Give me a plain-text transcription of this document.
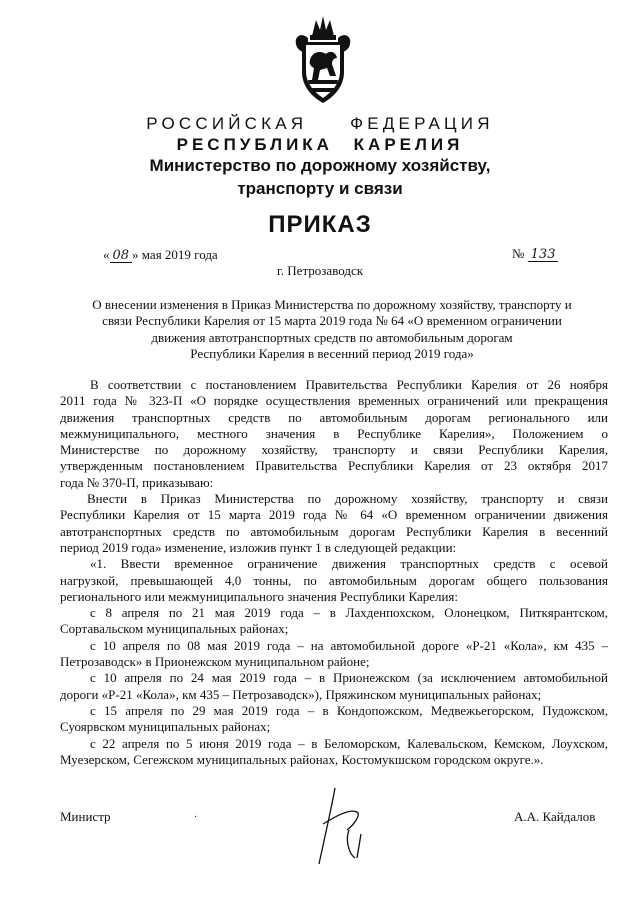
РОССИЙСКАЯ ФЕДЕРАЦИЯ
РЕСПУБЛИКА КАРЕЛИЯ
Министерство по дорожному хозяйству,
транспорту и связи
ПРИКАЗ
« 08 » мая 2019 года	№ 133
г. Петрозаводск
О внесении изменения в Приказ Министерства по дорожному хозяйству, транспорту и
связи Республики Карелия от 15 марта 2019 года № 64 «О временном ограничении
движения автотранспортных средств по автомобильным дорогам
Республики Карелия в весенний период 2019 года»
В соответствии с постановлением Правительства Республики Карелия от 26 ноября
2011 года № 323-П «О порядке осуществления временных ограничений или прекращения
движения транспортных средств по автомобильным дорогам регионального или
межмуниципального, местного значения в Республике Карелия», Положением о
Министерстве по дорожному хозяйству, транспорту и связи Республики Карелия,
утвержденным постановлением Правительства Республики Карелия от 23 октября 2017
года № 370-П, приказываю:
Внести в Приказ Министерства по дорожному хозяйству, транспорту и связи
Республики Карелия от 15 марта 2019 года № 64 «О временном ограничении движения
автотранспортных средств по автомобильным дорогам Республики Карелия в весенний
период 2019 года» изменение, изложив пункт 1 в следующей редакции:
«1. Ввести временное ограничение движения транспортных средств с осевой
нагрузкой, превышающей 4,0 тонны, по автомобильным дорогам общего пользования
регионального или межмуниципального значения Республики Карелия:
с 8 апреля по 21 мая 2019 года – в Лахденпохском, Олонецком, Питкярантском,
Сортавальском муниципальных районах;
с 10 апреля по 08 мая 2019 года – на автомобильной дороге «Р-21 «Кола», км 435 –
Петрозаводск» в Прионежском муниципальном районе;
с 10 апреля по 24 мая 2019 года – в Прионежском (за исключением автомобильной
дороги «Р-21 «Кола», км 435 – Петрозаводск»), Пряжинском муниципальных районах;
с 15 апреля по 29 мая 2019 года – в Кондопожском, Медвежьегорском, Пудожском,
Суоярвском муниципальных районах;
с 22 апреля по 5 июня 2019 года – в Беломорском, Калевальском, Кемском, Лоухском,
Муезерском, Сегежском муниципальных районах, Костомукшском городском округе.».
Министр	·	А.А. Кайдалов
